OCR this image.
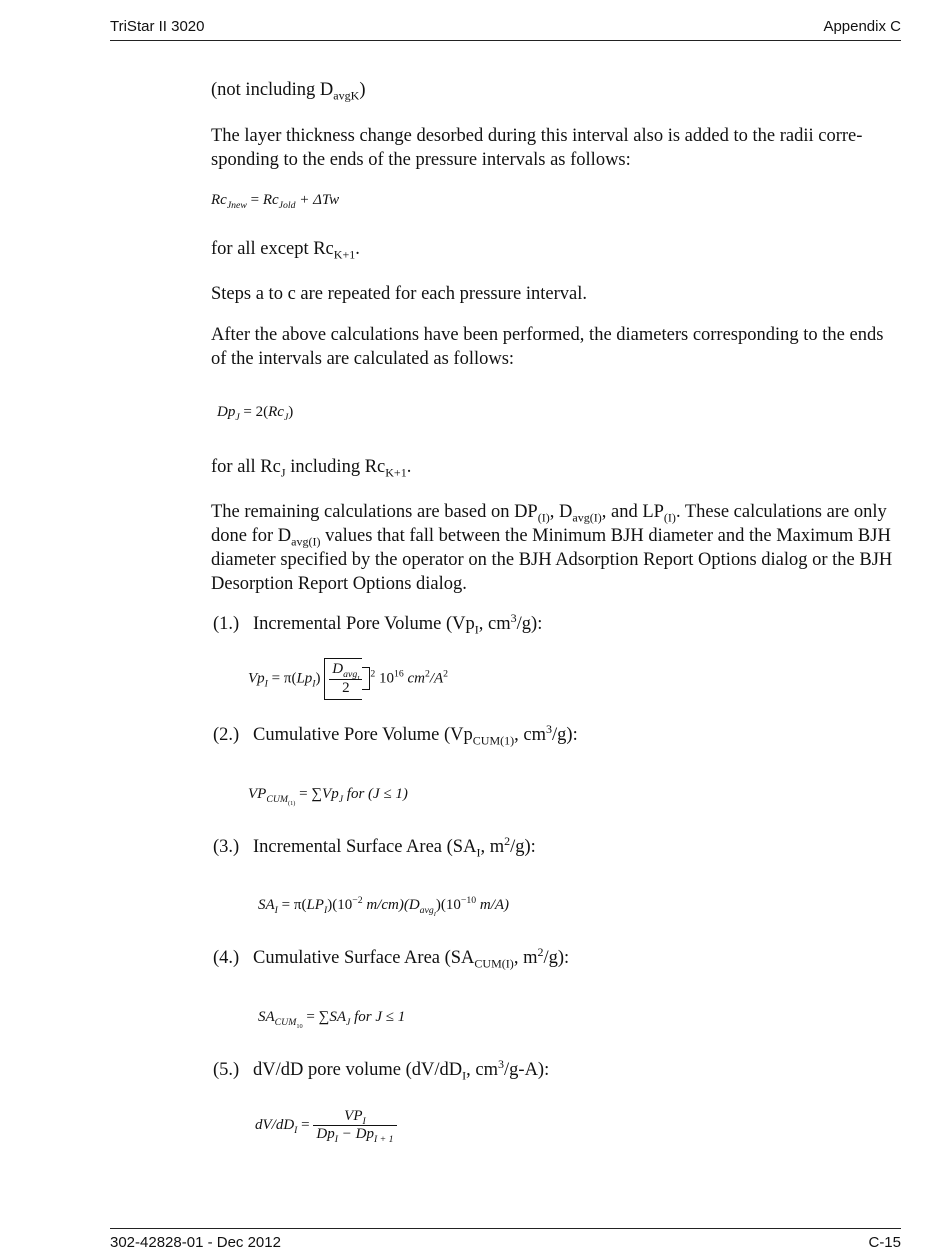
TriStar II 3020	Appendix C

(not including $D_{avgK}$)

The layer thickness change desorbed during this interval also is added to the radii corre-sponding to the ends of the pressure intervals as follows:

$Rc_{Jnew} = Rc_{Jold} + \Delta Tw$

for all except $Rc_{K+1}$.

Steps a to c are repeated for each pressure interval.

After the above calculations have been performed, the diameters corresponding to the ends of the intervals are calculated as follows:

$Dp_J = 2(Rc_J)$

for all $Rc_J$ including $Rc_{K+1}$.

The remaining calculations are based on $DP_{(I)}$, $D_{avg(I)}$, and $LP_{(I)}$. These calculations are only done for $D_{avg(I)}$ values that fall between the Minimum BJH diameter and the Maximum BJH diameter specified by the operator on the BJH Adsorption Report Options dialog or the BJH Desorption Report Options dialog.

(1.) Incremental Pore Volume ($Vp_I$, $cm^3/g$):
$Vp_I = \pi(Lp_I) \frac{D_{avg_I}}{2} ^2$ $10^{16}$ $cm^2/A^2$
(2.) Cumulative Pore Volume ($Vp_{CUM(1)}$, $cm^3/g$):
$VP_{CUM_{(1)}} = \sum Vp_J$ for (J ≤ 1)
(3.) Incremental Surface Area ($SA_I$, $m^2/g$):
$SA_I = \pi(LP_I)(10^{-2}$ $m/cm)(D_{avg_I})(10^{-10}$ m/A)
(4.) Cumulative Surface Area ($SA_{CUM(I)}$, $m^2/g$):
$SA_{CUM_{10}} = \sum SA_J$ for J ≤ 1
(5.) dV/dD pore volume ($dV/dD_I$, $cm^3/g-A$):
$dV/dD_I = \frac{VP_I}{Dp_I - Dp_{I + 1}}$
302-42828-01 - Dec 2012	C-15
